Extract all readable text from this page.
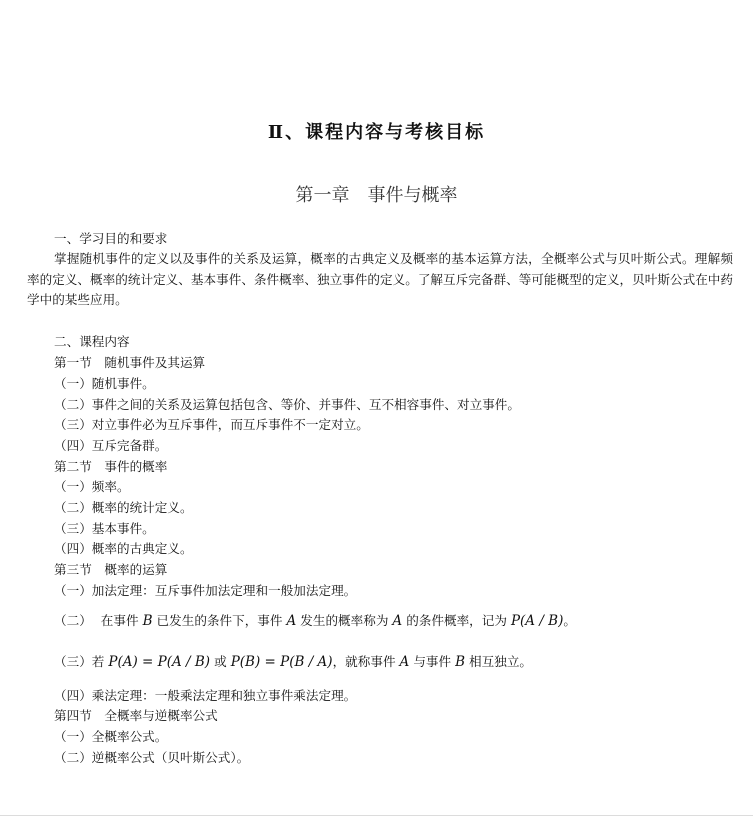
Ⅱ、课程内容与考核目标
第一章　事件与概率
一、学习目的和要求
掌握随机事件的定义以及事件的关系及运算，概率的古典定义及概率的基本运算方法，全概率公式与贝叶斯公式。理解频率的定义、概率的统计定义、基本事件、条件概率、独立事件的定义。了解互斥完备群、等可能概型的定义，贝叶斯公式在中药学中的某些应用。
二、课程内容
第一节　随机事件及其运算
（一）随机事件。
（二）事件之间的关系及运算包括包含、等价、并事件、互不相容事件、对立事件。
（三）对立事件必为互斥事件，而互斥事件不一定对立。
（四）互斥完备群。
第二节　事件的概率
（一）频率。
（二）概率的统计定义。
（三）基本事件。
（四）概率的古典定义。
第三节　概率的运算
（一）加法定理：互斥事件加法定理和一般加法定理。
（二） 在事件 B 已发生的条件下，事件 A 发生的概率称为 A 的条件概率，记为 P(A / B)。
（三）若 P(A) = P(A / B) 或 P(B) = P(B / A)，就称事件 A 与事件 B 相互独立。
（四）乘法定理：一般乘法定理和独立事件乘法定理。
第四节　全概率与逆概率公式
（一）全概率公式。
（二）逆概率公式（贝叶斯公式）。
